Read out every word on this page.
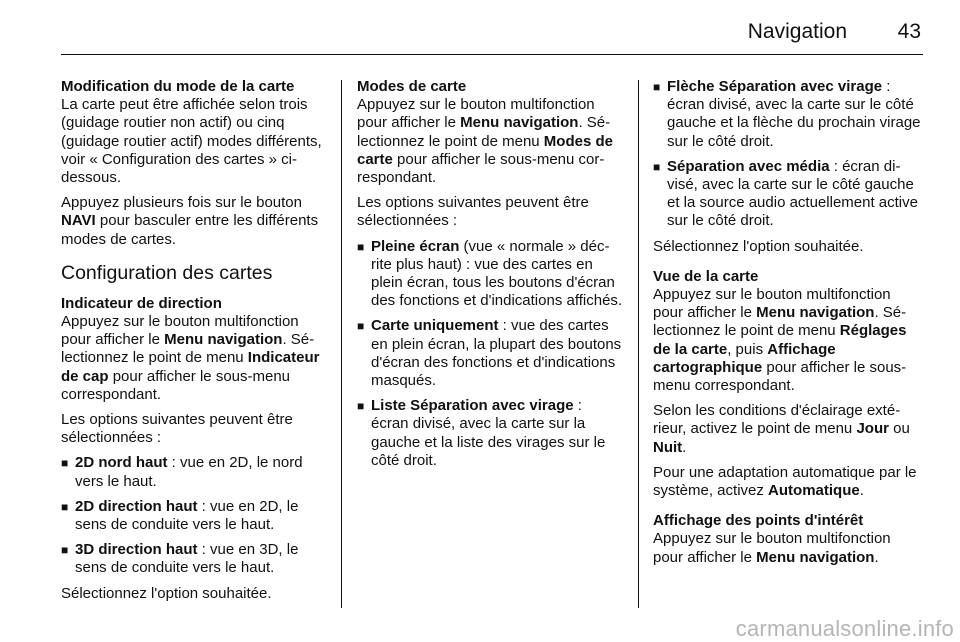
Navigation 43

Modification du mode de la carte

La carte peut être affichée selon trois (guidage routier non actif) ou cinq (guidage routier actif) modes différents, voir « Configuration des cartes » ci-dessous.

Appuyez plusieurs fois sur le bouton NAVI pour basculer entre les différents modes de cartes.

Configuration des cartes

Indicateur de direction

Appuyez sur le bouton multifonction pour afficher le Menu navigation. Sélectionnez le point de menu Indicateur de cap pour afficher le sous-menu correspondant.

Les options suivantes peuvent être sélectionnées :

■ 2D nord haut : vue en 2D, le nord vers le haut.
■ 2D direction haut : vue en 2D, le sens de conduite vers le haut.
■ 3D direction haut : vue en 3D, le sens de conduite vers le haut.

Sélectionnez l'option souhaitée.

Modes de carte

Appuyez sur le bouton multifonction pour afficher le Menu navigation. Sélectionnez le point de menu Modes de carte pour afficher le sous-menu correspondant.

Les options suivantes peuvent être sélectionnées :

■ Pleine écran (vue « normale » décrite plus haut) : vue des cartes en plein écran, tous les boutons d'écran des fonctions et d'indications affichés.
■ Carte uniquement : vue des cartes en plein écran, la plupart des boutons d'écran des fonctions et d'indications masqués.
■ Liste Séparation avec virage : écran divisé, avec la carte sur la gauche et la liste des virages sur le côté droit.
■ Flèche Séparation avec virage : écran divisé, avec la carte sur le côté gauche et la flèche du prochain virage sur le côté droit.
■ Séparation avec média : écran divisé, avec la carte sur le côté gauche et la source audio actuellement active sur le côté droit.

Sélectionnez l'option souhaitée.

Vue de la carte

Appuyez sur le bouton multifonction pour afficher le Menu navigation. Sélectionnez le point de menu Réglages de la carte, puis Affichage cartographique pour afficher le sous-menu correspondant.

Selon les conditions d'éclairage extérieur, activez le point de menu Jour ou Nuit.

Pour une adaptation automatique par le système, activez Automatique.

Affichage des points d'intérêt

Appuyez sur le bouton multifonction pour afficher le Menu navigation.

carmanualsonline.info
